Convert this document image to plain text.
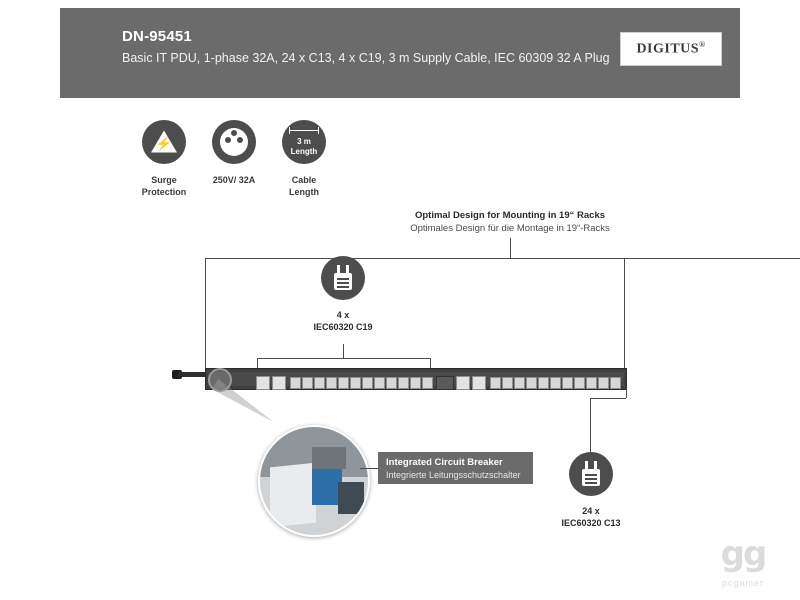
DN-95451
Basic IT PDU, 1-phase 32A, 24 x C13, 4 x C19, 3 m Supply Cable, IEC 60309 32 A Plug
DIGITUS®
⚡
Surge
Protection
250V/ 32A
3 m
Length
Cable
Length
Optimal Design for Mounting in 19“ Racks
Optimales Design für die Montage in 19“-Racks
4 x
IEC60320 C19
24 x
IEC60320 C13
Integrated Circuit Breaker
Integrierte Leitungsschutzschalter
gg
pcgamer
